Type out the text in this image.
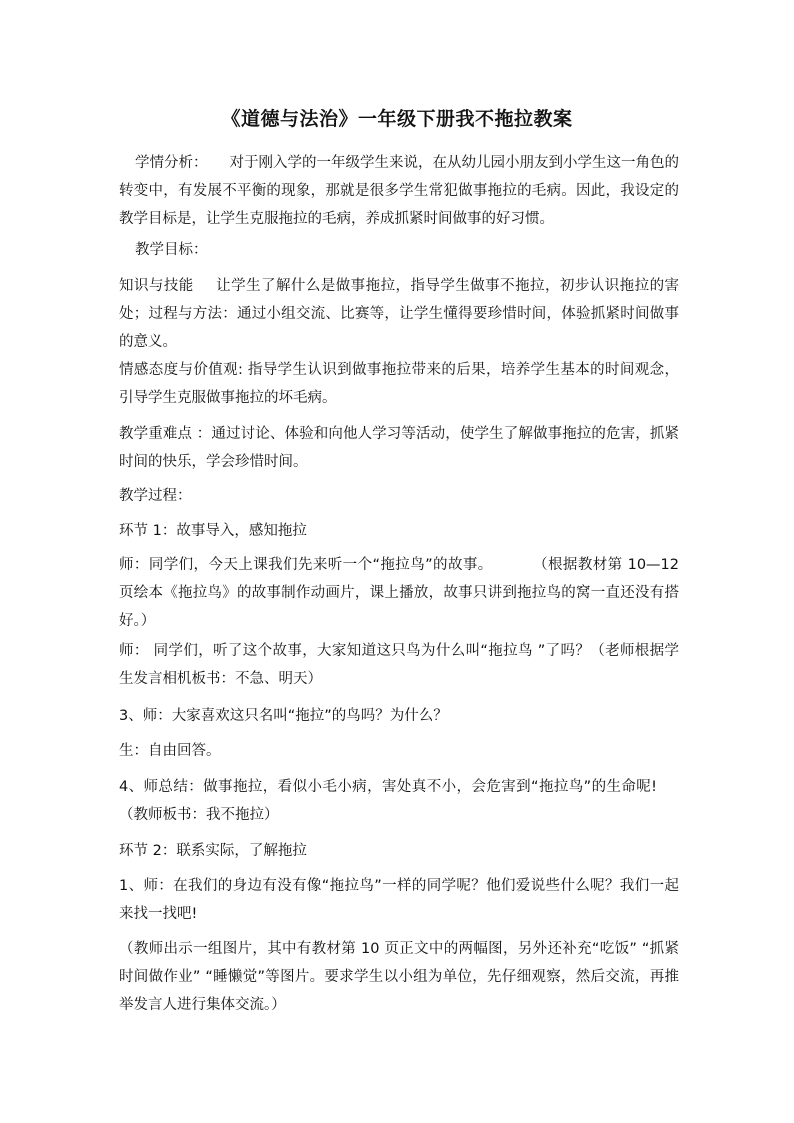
《道德与法治》一年级下册我不拖拉教案

学情分析： 对于刚入学的一年级学生来说，在从幼儿园小朋友到小学生这一角色的转变中，有发展不平衡的现象，那就是很多学生常犯做事拖拉的毛病。因此，我设定的教学目标是，让学生克服拖拉的毛病，养成抓紧时间做事的好习惯。

教学目标：

知识与技能 让学生了解什么是做事拖拉，指导学生做事不拖拉，初步认识拖拉的害处；过程与方法：通过小组交流、比赛等，让学生懂得要珍惜时间，体验抓紧时间做事的意义。

情感态度与价值观: 指导学生认识到做事拖拉带来的后果，培养学生基本的时间观念，引导学生克服做事拖拉的坏毛病。

教学重难点 ：通过讨论、体验和向他人学习等活动，使学生了解做事拖拉的危害，抓紧时间的快乐，学会珍惜时间。

教学过程：

环节 1：故事导入，感知拖拉

师：同学们，今天上课我们先来听一个“拖拉鸟”的故事。	（根据教材第 10—12 页绘本《拖拉鸟》的故事制作动画片，课上播放，故事只讲到拖拉鸟的窝一直还没有搭好。）

师： 同学们，听了这个故事，大家知道这只鸟为什么叫“拖拉鸟 ”了吗？（老师根据学生发言相机板书：不急、明天）

3、师：大家喜欢这只名叫“拖拉”的鸟吗？为什么？

生：自由回答。

4、师总结：做事拖拉，看似小毛小病，害处真不小，会危害到“拖拉鸟”的生命呢!（教师板书：我不拖拉）

环节 2：联系实际，了解拖拉

1、师：在我们的身边有没有像“拖拉鸟”一样的同学呢？他们爱说些什么呢？我们一起来找一找吧!

（教师出示一组图片，其中有教材第 10 页正文中的两幅图，另外还补充“吃饭” “抓紧时间做作业” “睡懒觉”等图片。要求学生以小组为单位，先仔细观察，然后交流，再推举发言人进行集体交流。）
